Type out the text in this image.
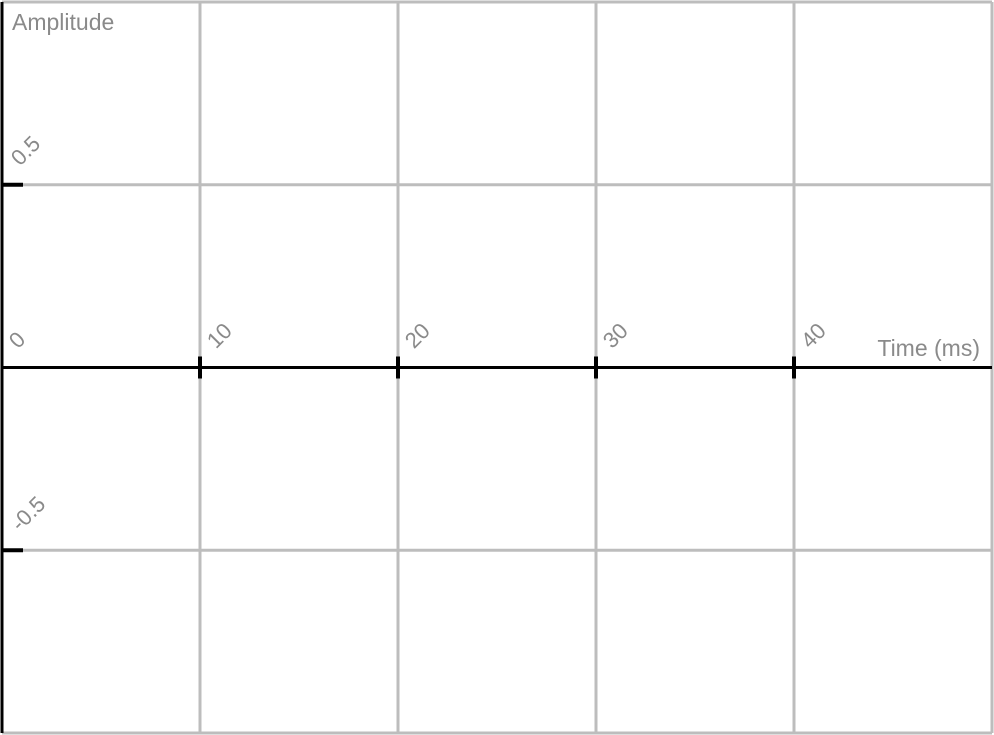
0	10	20	30	40
0.5
-0.5
Amplitude
Time (ms)
